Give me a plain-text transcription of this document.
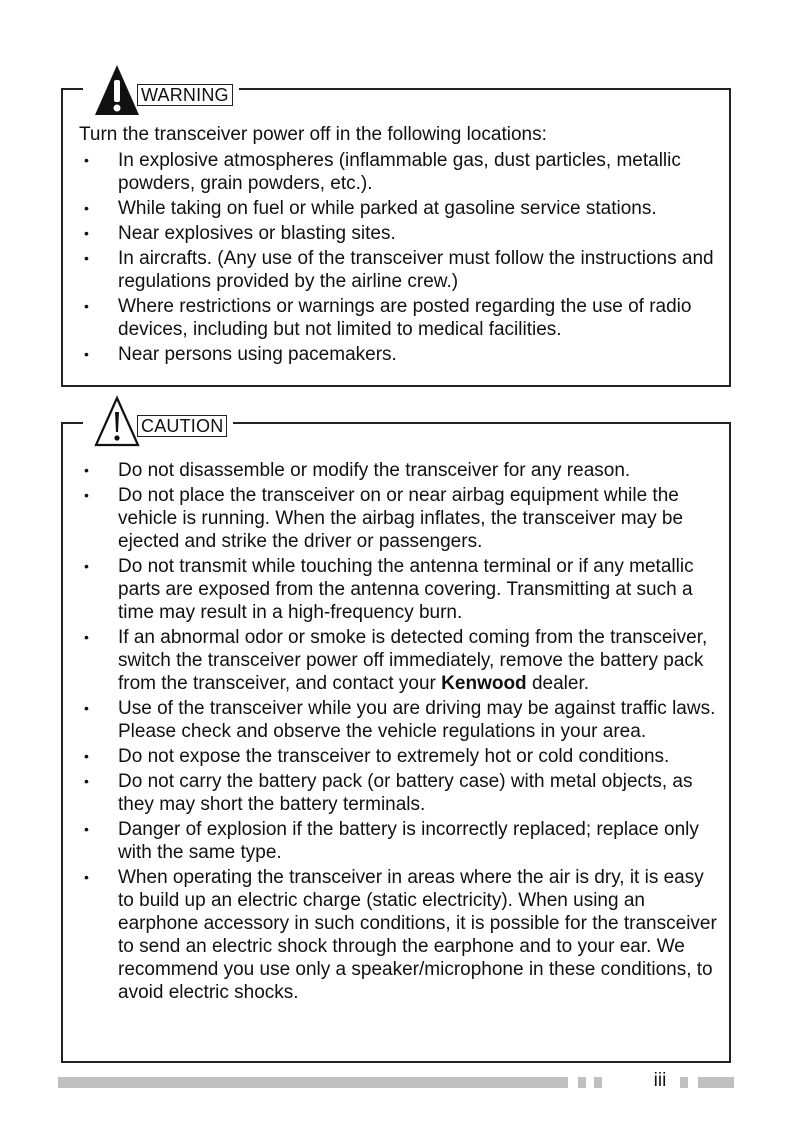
WARNING

Turn the transceiver power off in the following locations:

• In explosive atmospheres (inflammable gas, dust particles, metallic powders, grain powders, etc.).
• While taking on fuel or while parked at gasoline service stations.
• Near explosives or blasting sites.
• In aircrafts. (Any use of the transceiver must follow the instructions and regulations provided by the airline crew.)
• Where restrictions or warnings are posted regarding the use of radio devices, including but not limited to medical facilities.
• Near persons using pacemakers.
CAUTION
• Do not disassemble or modify the transceiver for any reason.
• Do not place the transceiver on or near airbag equipment while the vehicle is running. When the airbag inflates, the transceiver may be ejected and strike the driver or passengers.
• Do not transmit while touching the antenna terminal or if any metallic parts are exposed from the antenna covering. Transmitting at such a time may result in a high-frequency burn.
• If an abnormal odor or smoke is detected coming from the transceiver, switch the transceiver power off immediately, remove the battery pack from the transceiver, and contact your Kenwood dealer.
• Use of the transceiver while you are driving may be against traffic laws. Please check and observe the vehicle regulations in your area.
• Do not expose the transceiver to extremely hot or cold conditions.
• Do not carry the battery pack (or battery case) with metal objects, as they may short the battery terminals.
• Danger of explosion if the battery is incorrectly replaced; replace only with the same type.
• When operating the transceiver in areas where the air is dry, it is easy to build up an electric charge (static electricity). When using an earphone accessory in such conditions, it is possible for the transceiver to send an electric shock through the earphone and to your ear. We recommend you use only a speaker/microphone in these conditions, to avoid electric shocks.
iii
